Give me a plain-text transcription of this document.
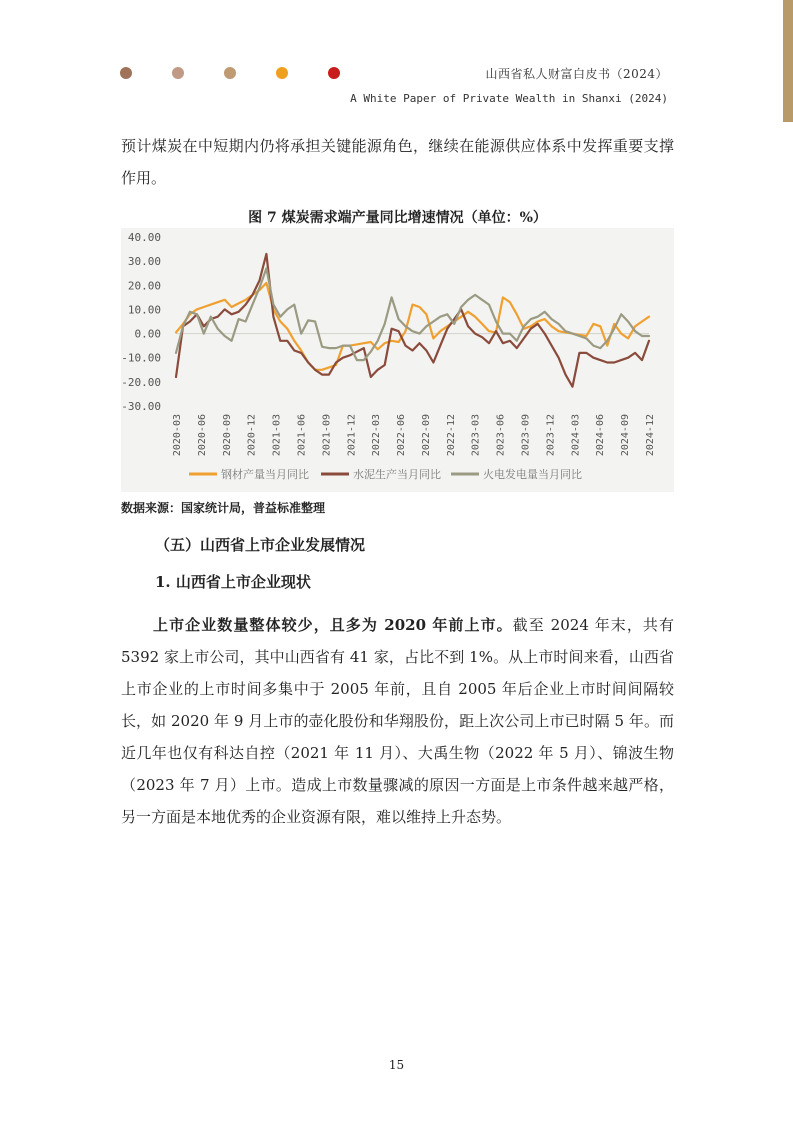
山西省私人财富白皮书（2024）
A White Paper of Private Wealth in Shanxi (2024)

预计煤炭在中短期内仍将承担关键能源角色，继续在能源供应体系中发挥重要支撑作用。

图 7 煤炭需求端产量同比增速情况（单位：%）

40.00
30.00
20.00
10.00
0.00
-10.00
-20.00
-30.00
2020-03 2020-06 2020-09 2020-12 2021-03 2021-06 2021-09 2021-12 2022-03 2022-06 2022-09 2022-12 2023-03 2023-06 2023-09 2023-12 2024-03 2024-06 2024-09 2024-12
钢材产量当月同比	水泥生产当月同比	火电发电量当月同比

数据来源：国家统计局，普益标准整理

（五）山西省上市企业发展情况

1. 山西省上市企业现状

上市企业数量整体较少，且多为 2020 年前上市。截至 2024 年末，共有 5392 家上市公司，其中山西省有 41 家，占比不到 1%。从上市时间来看，山西省上市企业的上市时间多集中于 2005 年前，且自 2005 年后企业上市时间间隔较长，如 2020 年 9 月上市的壶化股份和华翔股份，距上次公司上市已时隔 5 年。而近几年也仅有科达自控（2021 年 11 月）、大禹生物（2022 年 5 月）、锦波生物（2023 年 7 月）上市。造成上市数量骤减的原因一方面是上市条件越来越严格，另一方面是本地优秀的企业资源有限，难以维持上升态势。

15
